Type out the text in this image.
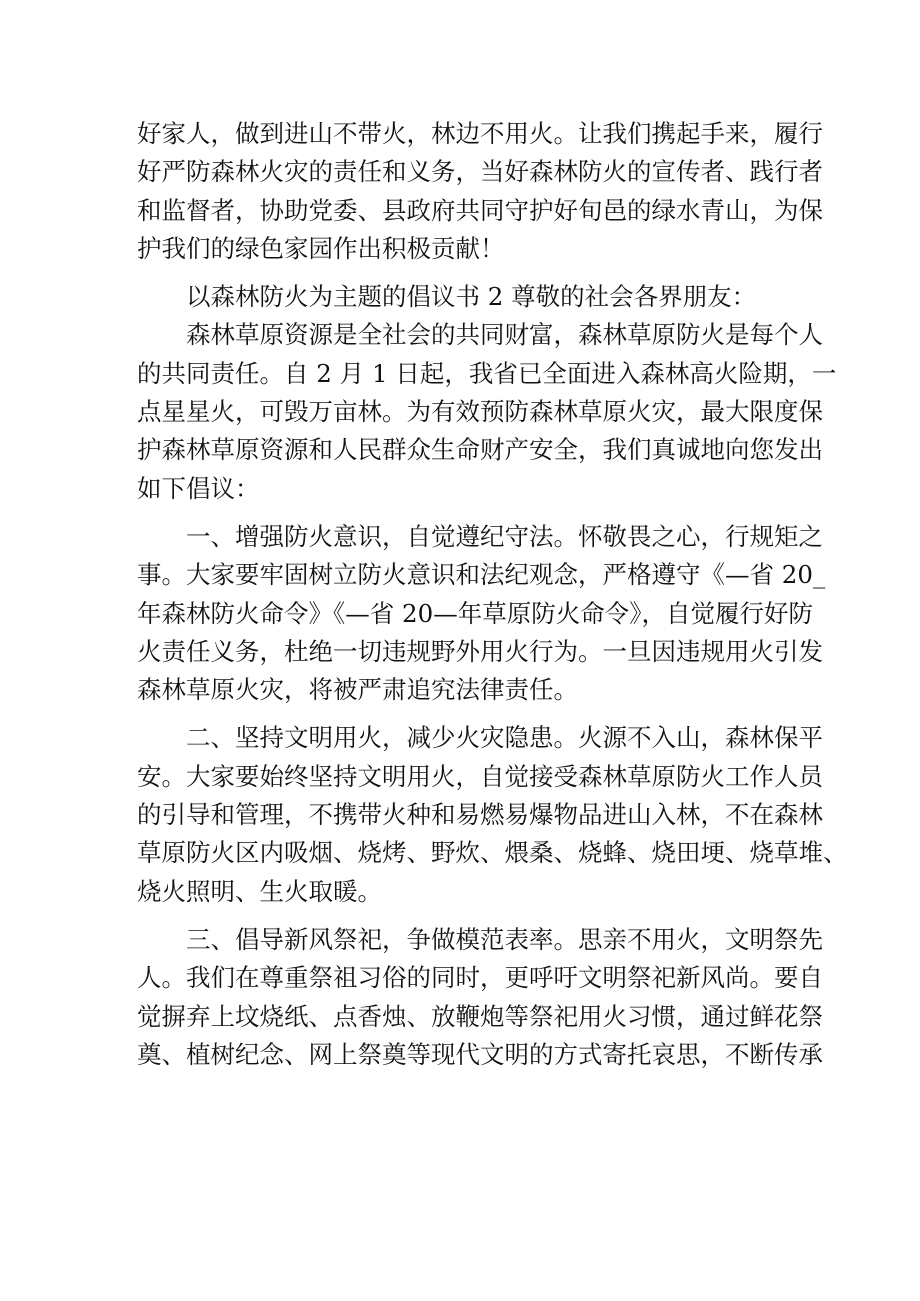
好家人，做到进山不带火，林边不用火。让我们携起手来，履行
好严防森林火灾的责任和义务，当好森林防火的宣传者、践行者
和监督者，协助党委、县政府共同守护好旬邑的绿水青山，为保
护我们的绿色家园作出积极贡献！
以森林防火为主题的倡议书 2 尊敬的社会各界朋友：
森林草原资源是全社会的共同财富，森林草原防火是每个人
的共同责任。自 2 月 1 日起，我省已全面进入森林高火险期，一
点星星火，可毁万亩林。为有效预防森林草原火灾，最大限度保
护森林草原资源和人民群众生命财产安全，我们真诚地向您发出
如下倡议：
一、增强防火意识，自觉遵纪守法。怀敬畏之心，行规矩之
事。大家要牢固树立防火意识和法纪观念，严格遵守《—省 20_
年森林防火命令》《—省 20—年草原防火命令》，自觉履行好防
火责任义务，杜绝一切违规野外用火行为。一旦因违规用火引发
森林草原火灾，将被严肃追究法律责任。
二、坚持文明用火，减少火灾隐患。火源不入山，森林保平
安。大家要始终坚持文明用火，自觉接受森林草原防火工作人员
的引导和管理，不携带火种和易燃易爆物品进山入林，不在森林
草原防火区内吸烟、烧烤、野炊、煨桑、烧蜂、烧田埂、烧草堆、
烧火照明、生火取暖。
三、倡导新风祭祀，争做模范表率。思亲不用火，文明祭先
人。我们在尊重祭祖习俗的同时，更呼吁文明祭祀新风尚。要自
觉摒弃上坟烧纸、点香烛、放鞭炮等祭祀用火习惯，通过鲜花祭
奠、植树纪念、网上祭奠等现代文明的方式寄托哀思，不断传承
